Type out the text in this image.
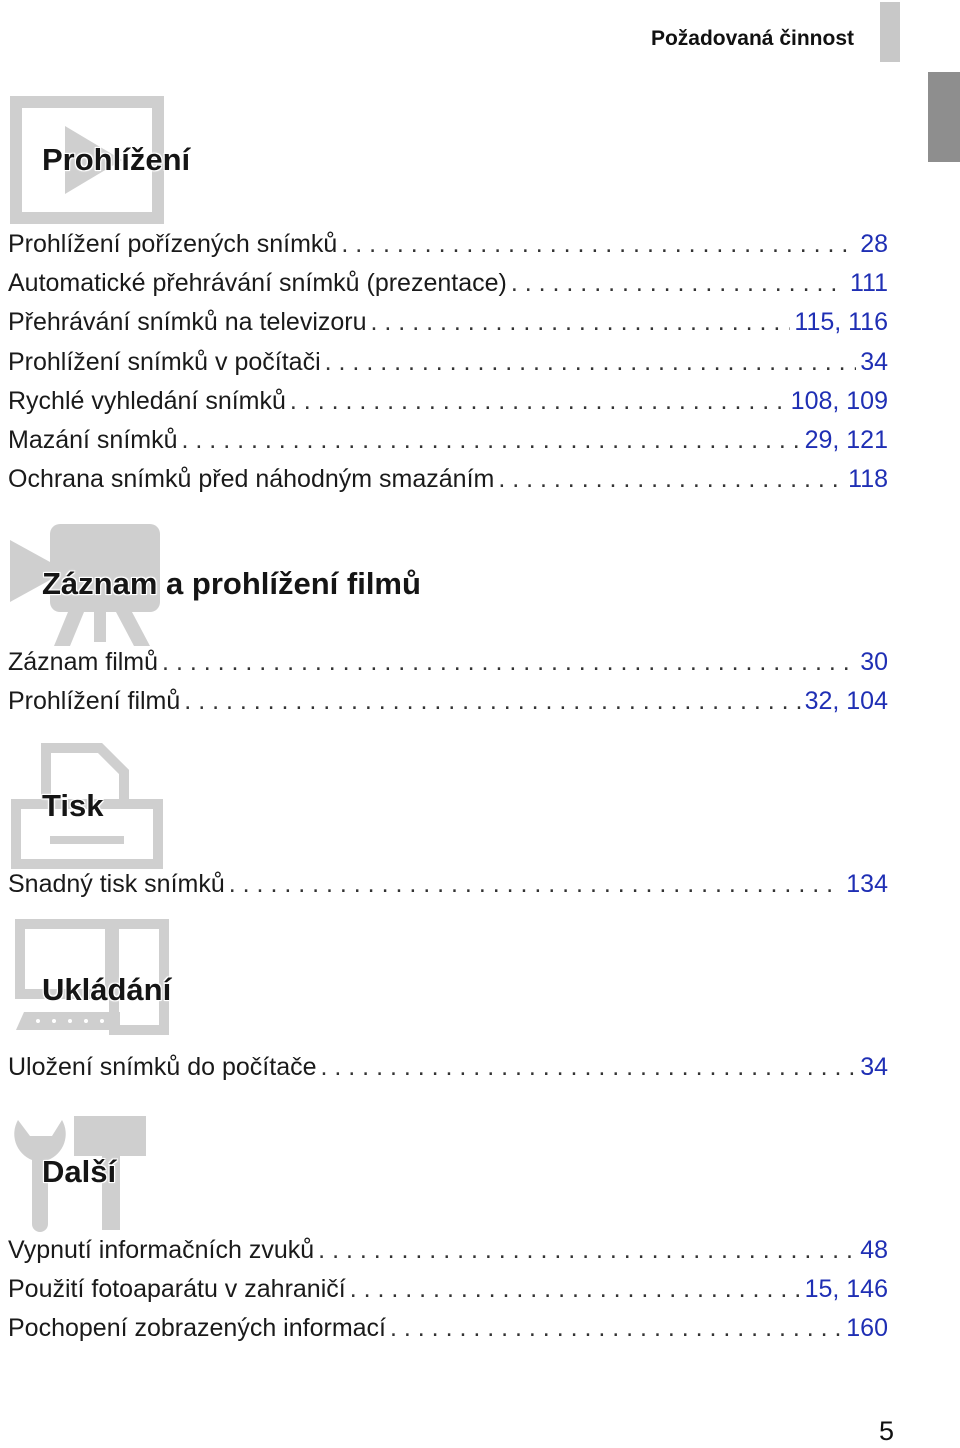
Požadovaná činnost
Prohlížení
Prohlížení pořízených snímků . . .	28
Automatické přehrávání snímků (prezentace) . . .	111
Přehrávání snímků na televizoru . . .	115, 116
Prohlížení snímků v počítači . . .	34
Rychlé vyhledání snímků . . .	108, 109
Mazání snímků . . .	29, 121
Ochrana snímků před náhodným smazáním . . .	118
Záznam a prohlížení filmů
Záznam filmů . . .	30
Prohlížení filmů . . .	32, 104
Tisk
Snadný tisk snímků . . .	134
Ukládání
Uložení snímků do počítače . . .	34
Další
Vypnutí informačních zvuků . . .	48
Použití fotoaparátu v zahraničí . . .	15, 146
Pochopení zobrazených informací . . .	160
5
